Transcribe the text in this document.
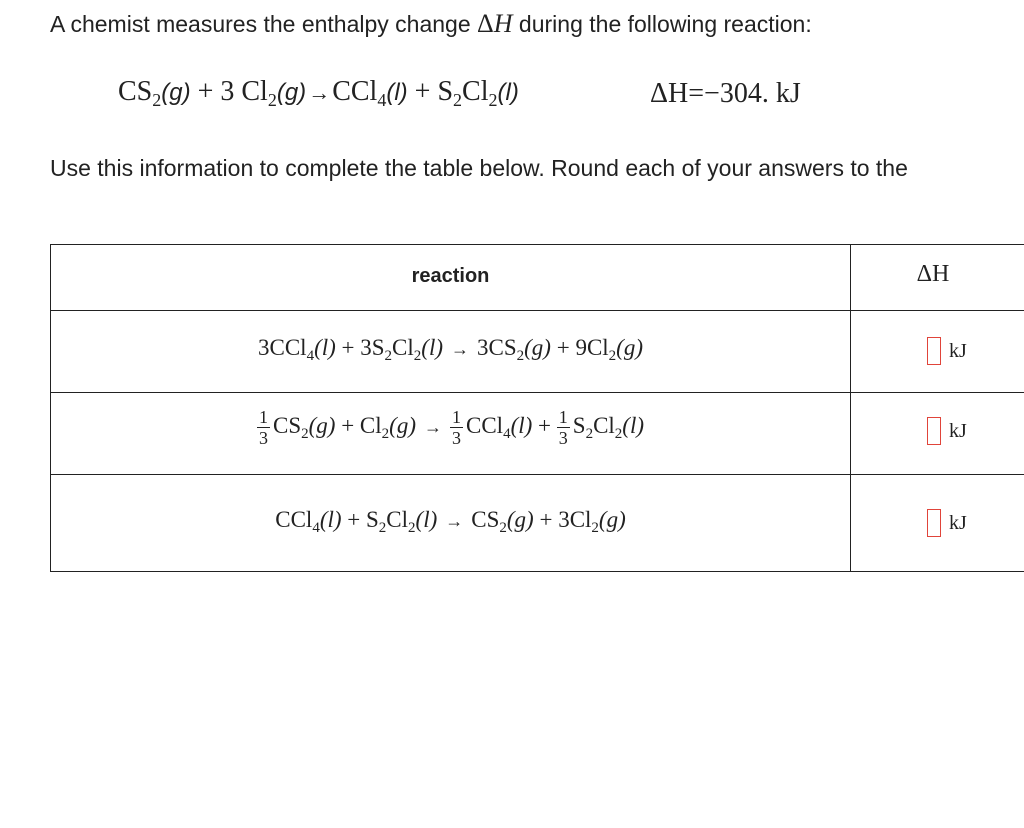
A chemist measures the enthalpy change ΔH during the following reaction:
$CS_2(g) + 3$ $Cl_2(g)\to CCl_4(l) + S_2Cl_2(l)$	ΔH=−304. kJ
Use this information to complete the table below. Round each of your answers to the
reaction	ΔH
$3CCl_4(l) + 3S_2Cl_2(l) \to 3CS_2(g) + 9Cl_2(g)$	kJ
$\frac{1}{3} CS_2(g) + Cl_2(g) \to \frac{1}{3} CCl_4(l) + \frac{1}{3} S_2Cl_2(l)$	kJ
$CCl_4(l) + S_2Cl_2(l) \to CS_2(g) + 3Cl_2(g)$	kJ
